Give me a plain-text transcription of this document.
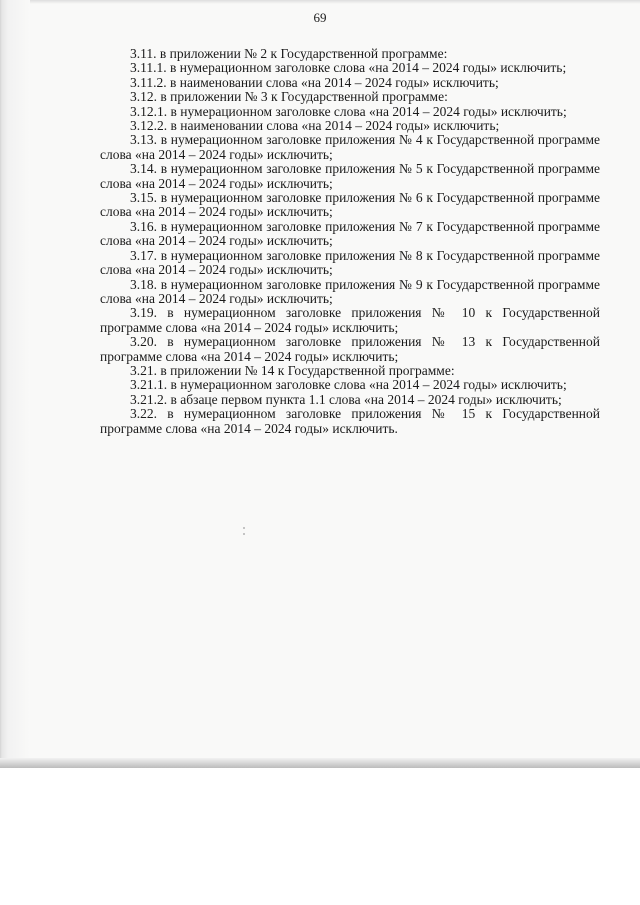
69

3.11. в приложении № 2 к Государственной программе:

3.11.1. в нумерационном заголовке слова «на 2014 – 2024 годы» исключить;

3.11.2. в наименовании слова «на 2014 – 2024 годы» исключить;

3.12. в приложении № 3 к Государственной программе:

3.12.1. в нумерационном заголовке слова «на 2014 – 2024 годы» исключить;

3.12.2. в наименовании слова «на 2014 – 2024 годы» исключить;

3.13. в нумерационном заголовке приложения № 4 к Государственной программе слова «на 2014 – 2024 годы» исключить;

3.14. в нумерационном заголовке приложения № 5 к Государственной программе слова «на 2014 – 2024 годы» исключить;

3.15. в нумерационном заголовке приложения № 6 к Государственной программе слова «на 2014 – 2024 годы» исключить;

3.16. в нумерационном заголовке приложения № 7 к Государственной программе слова «на 2014 – 2024 годы» исключить;

3.17. в нумерационном заголовке приложения № 8 к Государственной программе слова «на 2014 – 2024 годы» исключить;

3.18. в нумерационном заголовке приложения № 9 к Государственной программе слова «на 2014 – 2024 годы» исключить;

3.19. в нумерационном заголовке приложения № 10 к Государственной программе слова «на 2014 – 2024 годы» исключить;

3.20. в нумерационном заголовке приложения № 13 к Государственной программе слова «на 2014 – 2024 годы» исключить;

3.21. в приложении № 14 к Государственной программе:

3.21.1. в нумерационном заголовке слова «на 2014 – 2024 годы» исключить;

3.21.2. в абзаце первом пункта 1.1 слова «на 2014 – 2024 годы» исключить;

3.22. в нумерационном заголовке приложения № 15 к Государственной программе слова «на 2014 – 2024 годы» исключить.
